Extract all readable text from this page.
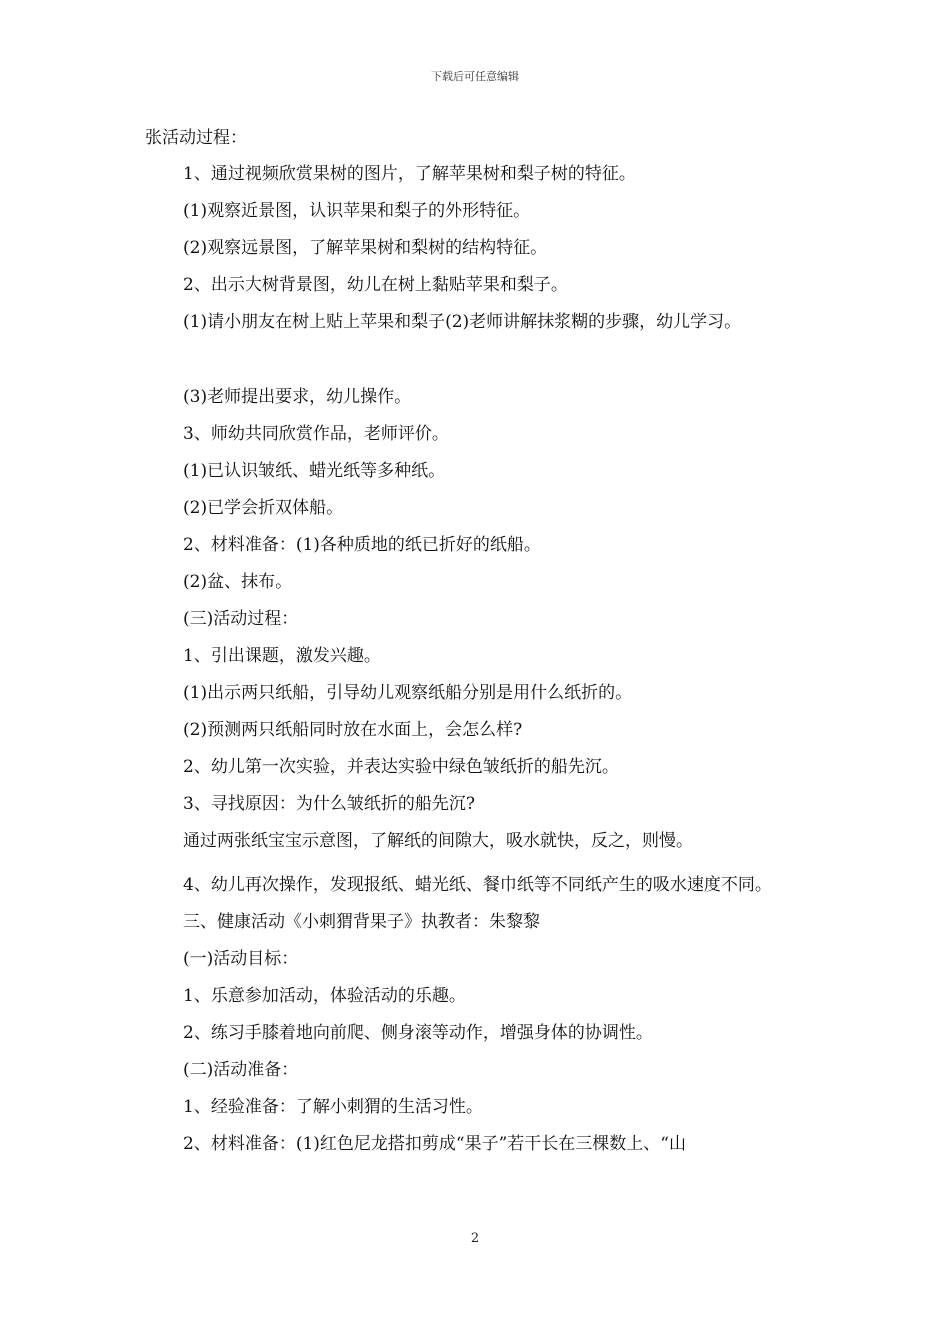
下载后可任意编辑

张活动过程：

1、通过视频欣赏果树的图片，了解苹果树和梨子树的特征。

(1)观察近景图，认识苹果和梨子的外形特征。

(2)观察远景图，了解苹果树和梨树的结构特征。

2、出示大树背景图，幼儿在树上黏贴苹果和梨子。

(1)请小朋友在树上贴上苹果和梨子(2)老师讲解抹浆糊的步骤，幼儿学习。

(3)老师提出要求，幼儿操作。

3、师幼共同欣赏作品，老师评价。

(1)已认识皱纸、蜡光纸等多种纸。

(2)已学会折双体船。

2、材料准备：(1)各种质地的纸已折好的纸船。

(2)盆、抹布。

(三)活动过程：

1、引出课题，激发兴趣。

(1)出示两只纸船，引导幼儿观察纸船分别是用什么纸折的。

(2)预测两只纸船同时放在水面上，会怎么样?

2、幼儿第一次实验，并表达实验中绿色皱纸折的船先沉。

3、寻找原因：为什么皱纸折的船先沉?

通过两张纸宝宝示意图，了解纸的间隙大，吸水就快，反之，则慢。

4、幼儿再次操作，发现报纸、蜡光纸、餐巾纸等不同纸产生的吸水速度不同。

三、健康活动《小刺猬背果子》执教者：朱黎黎

(一)活动目标：

1、乐意参加活动，体验活动的乐趣。

2、练习手膝着地向前爬、侧身滚等动作，增强身体的协调性。

(二)活动准备：

1、经验准备：了解小刺猬的生活习性。

2、材料准备：(1)红色尼龙搭扣剪成“果子”若干长在三棵数上、“山

2
